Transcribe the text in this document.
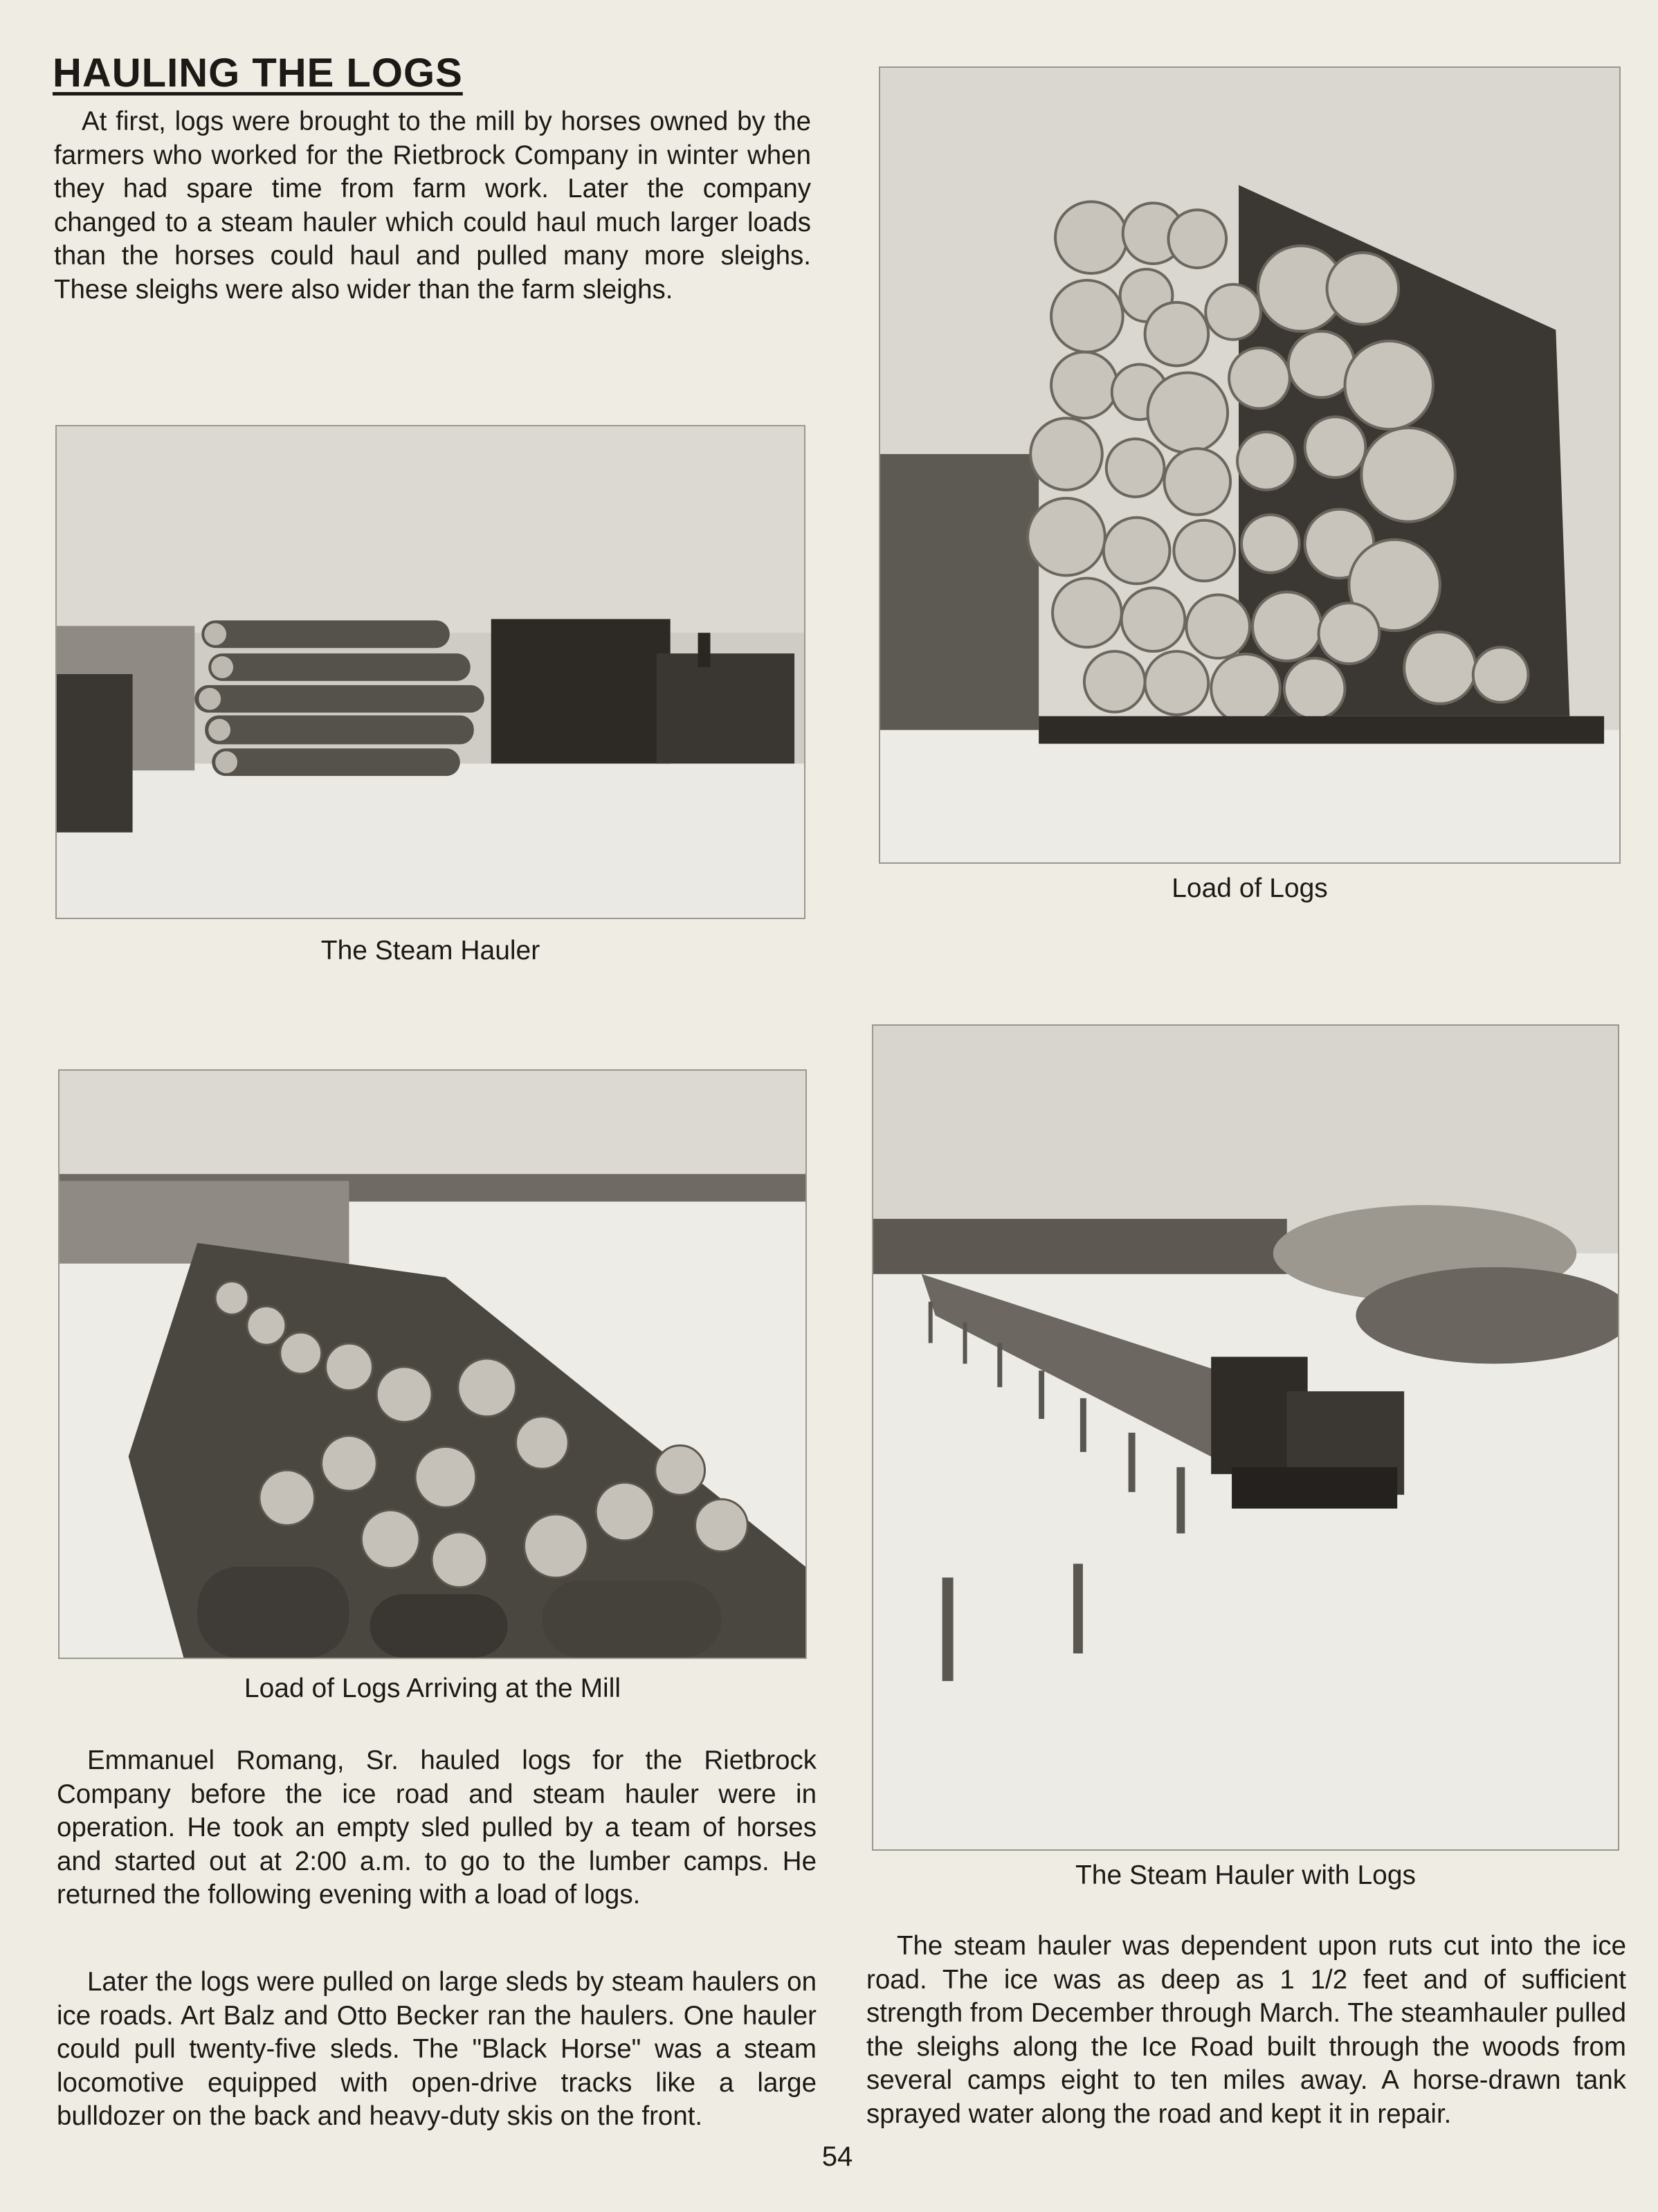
HAULING THE LOGS

At first, logs were brought to the mill by horses owned by the farmers who worked for the Rietbrock Company in winter when they had spare time from farm work. Later the company changed to a steam hauler which could haul much larger loads than the horses could haul and pulled many more sleighs. These sleighs were also wider than the farm sleighs.

The Steam Hauler

Load of Logs

Load of Logs Arriving at the Mill

The Steam Hauler with Logs

Emmanuel Romang, Sr. hauled logs for the Rietbrock Company before the ice road and steam hauler were in operation. He took an empty sled pulled by a team of horses and started out at 2:00 a.m. to go to the lumber camps. He returned the following evening with a load of logs.

Later the logs were pulled on large sleds by steam haulers on ice roads. Art Balz and Otto Becker ran the haulers. One hauler could pull twenty-five sleds. The "Black Horse" was a steam locomotive equipped with open-drive tracks like a large bulldozer on the back and heavy-duty skis on the front.

The steam hauler was dependent upon ruts cut into the ice road. The ice was as deep as 1 1/2 feet and of sufficient strength from December through March. The steamhauler pulled the sleighs along the Ice Road built through the woods from several camps eight to ten miles away. A horse-drawn tank sprayed water along the road and kept it in repair.

54
